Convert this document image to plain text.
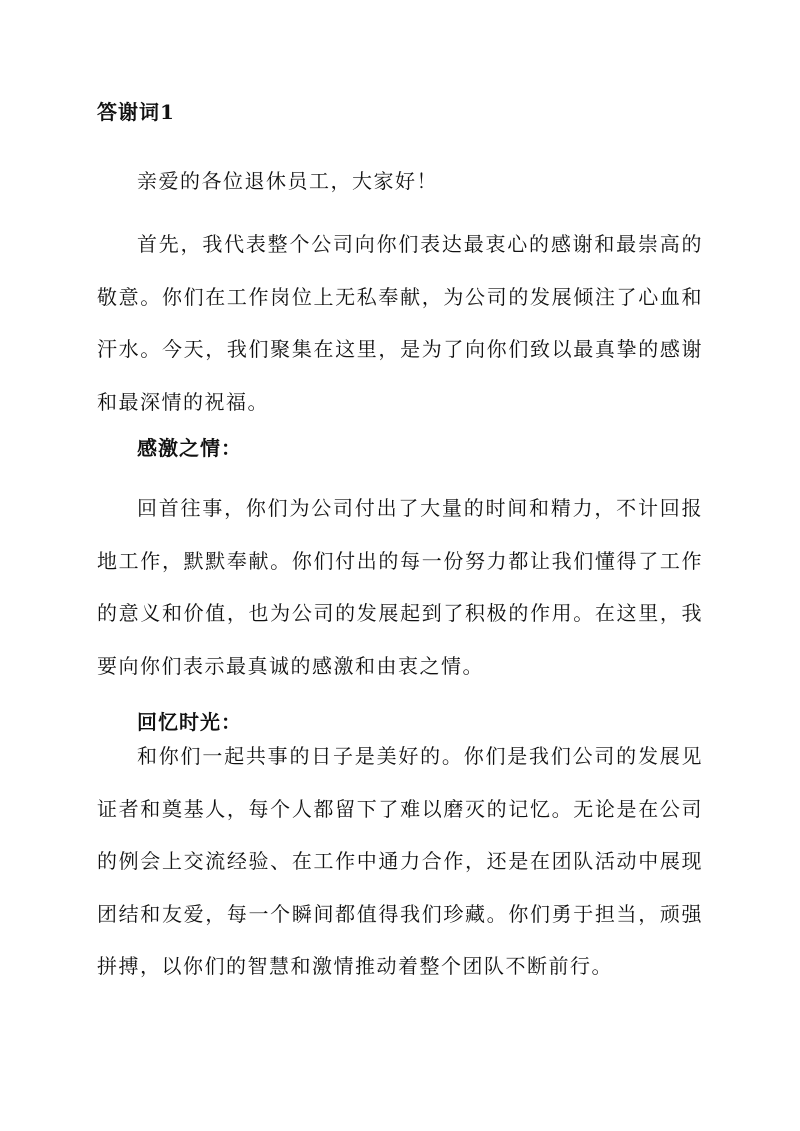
答谢词1

亲爱的各位退休员工，大家好！

首先，我代表整个公司向你们表达最衷心的感谢和最崇高的敬意。你们在工作岗位上无私奉献，为公司的发展倾注了心血和汗水。今天，我们聚集在这里，是为了向你们致以最真挚的感谢和最深情的祝福。

感激之情：

回首往事，你们为公司付出了大量的时间和精力，不计回报地工作，默默奉献。你们付出的每一份努力都让我们懂得了工作的意义和价值，也为公司的发展起到了积极的作用。在这里，我要向你们表示最真诚的感激和由衷之情。

回忆时光：

和你们一起共事的日子是美好的。你们是我们公司的发展见证者和奠基人，每个人都留下了难以磨灭的记忆。无论是在公司的例会上交流经验、在工作中通力合作，还是在团队活动中展现团结和友爱，每一个瞬间都值得我们珍藏。你们勇于担当，顽强拼搏，以你们的智慧和激情推动着整个团队不断前行。
